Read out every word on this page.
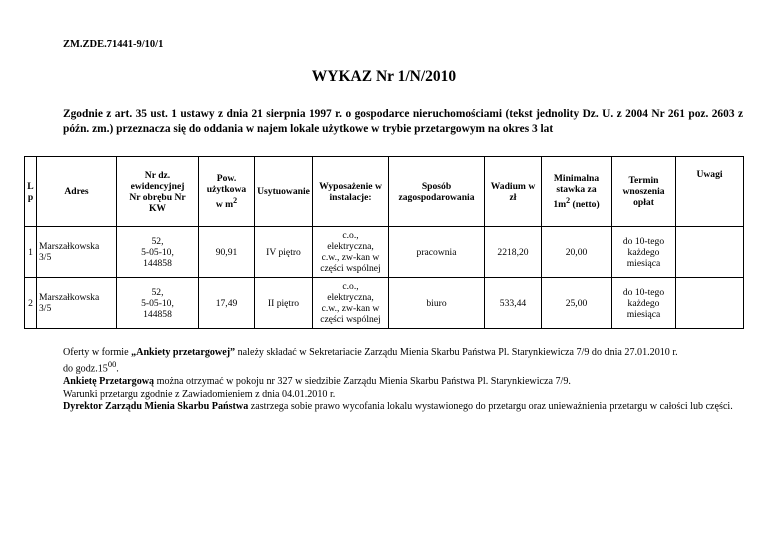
ZM.ZDE.71441-9/10/1
WYKAZ Nr 1/N/2010
Zgodnie z art. 35 ust. 1 ustawy z dnia 21 sierpnia 1997 r. o gospodarce nieruchomościami (tekst jednolity Dz. U. z 2004 Nr 261 poz. 2603 z późn. zm.) przeznacza się do oddania w najem lokale użytkowe w trybie przetargowym na okres 3 lat
L
p	Adres	Nr dz.
ewidencyjnej
Nr obrębu Nr
KW	Pow.
użytkowa
w $m^2$	Usytuowanie	Wyposażenie w
instalacje:	Sposób
zagospodarowania	Wadium w
zł	Minimalna
stawka za
$1m^2$ (netto)	Termin
wnoszenia
opłat	Uwagi
1	Marszałkowska
3/5	52,
5-05-10,
144858	90,91	IV piętro	c.o.,
elektryczna,
c.w., zw-kan w
części wspólnej	pracownia	2218,20	20,00	do 10-tego
każdego
miesiąca	
2	Marszałkowska
3/5	52,
5-05-10,
144858	17,49	II piętro	c.o.,
elektryczna,
c.w., zw-kan w
części wspólnej	biuro	533,44	25,00	do 10-tego
każdego
miesiąca	

Oferty w formie „Ankiety przetargowej” należy składać w Sekretariacie Zarządu Mienia Skarbu Państwa Pl. Starynkiewicza 7/9 do dnia 27.01.2010 r.

do $godz.15^{00}$.

Ankietę Przetargową można otrzymać w pokoju nr 327 w siedzibie Zarządu Mienia Skarbu Państwa Pl. Starynkiewicza 7/9.

Warunki przetargu zgodnie z Zawiadomieniem z dnia 04.01.2010 r.

Dyrektor Zarządu Mienia Skarbu Państwa zastrzega sobie prawo wycofania lokalu wystawionego do przetargu oraz unieważnienia przetargu w całości lub części.
